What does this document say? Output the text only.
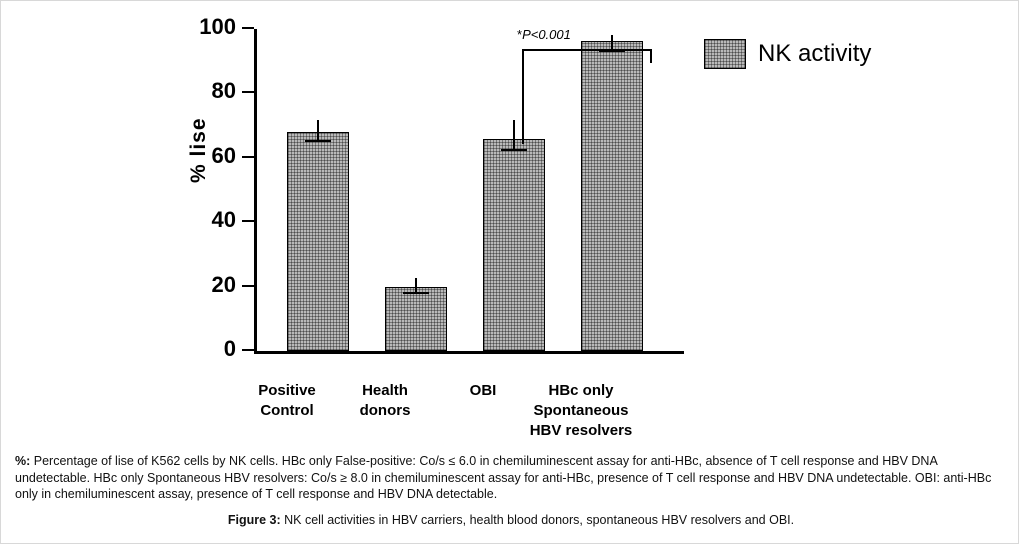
% lise
0
20
40
60
80
100	*P<0.001
Positive
Control
Health
donors
OBI	HBc only
Spontaneous
HBV resolvers
NK activity
%: Percentage of lise of K562 cells by NK cells. HBc only False-positive: Co/s ≤ 6.0 in chemiluminescent assay for anti-HBc, absence of T cell response and HBV DNA undetectable. HBc only Spontaneous HBV resolvers: Co/s ≥ 8.0 in chemiluminescent assay for anti-HBc, presence of T cell response and HBV DNA undetectable. OBI: anti-HBc only in chemiluminescent assay, presence of T cell response and HBV DNA detectable.
Figure 3: NK cell activities in HBV carriers, health blood donors, spontaneous HBV resolvers and OBI.
